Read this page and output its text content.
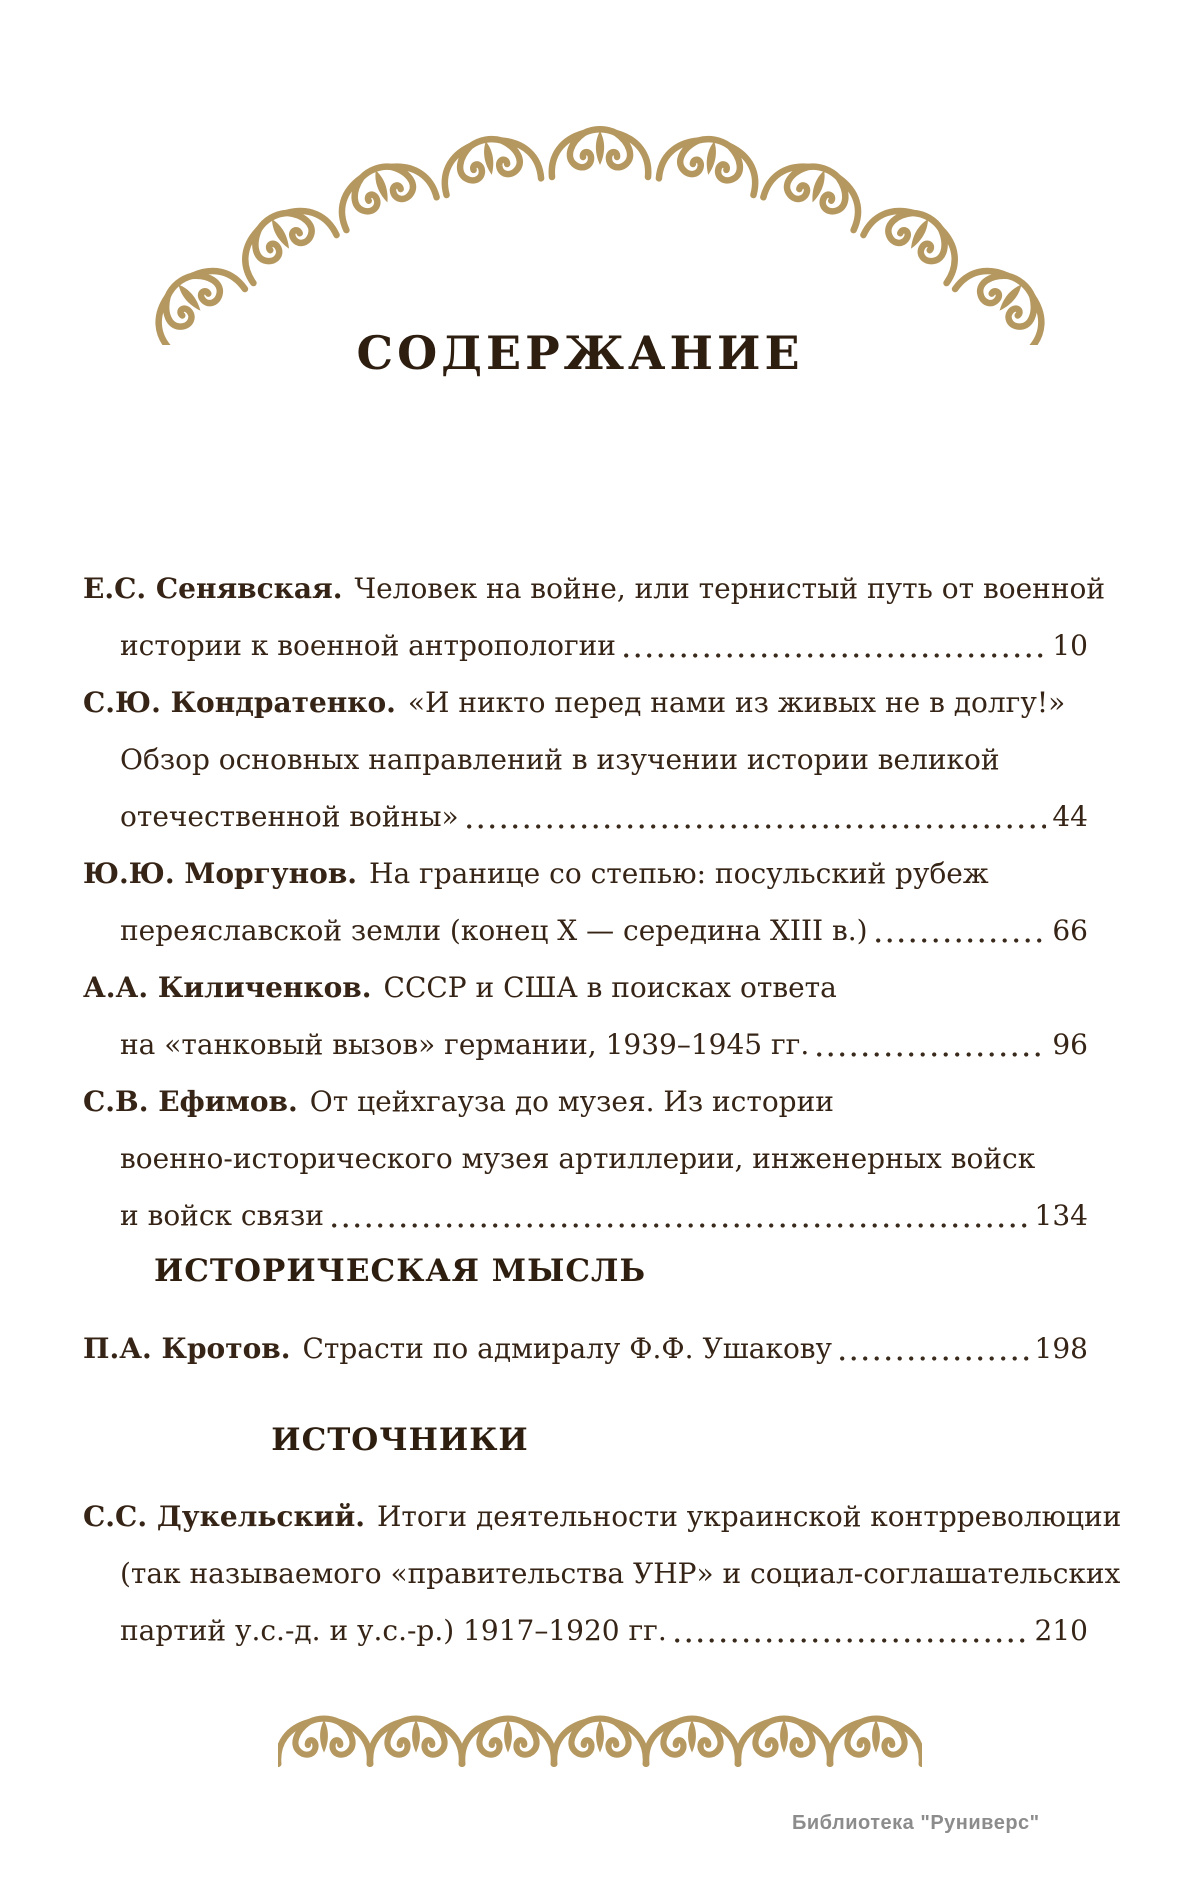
СОДЕРЖАНИЕ
Е.С. Сенявская. Человек на войне, или тернистый путь от военной
истории к военной антропологии	10
С.Ю. Кондратенко. «И никто перед нами из живых не в долгу!»
Обзор основных направлений в изучении истории великой
отечественной войны»	44
Ю.Ю. Моргунов. На границе со степью: посульский рубеж
переяславской земли (конец X — середина XIII в.)	66
А.А. Киличенков. СССР и США в поисках ответа
на «танковый вызов» германии, 1939–1945 гг.	96
С.В. Ефимов. От цейхгауза до музея. Из истории
военно-исторического музея артиллерии, инженерных войск
и войск связи	134
ИСТОРИЧЕСКАЯ МЫСЛЬ
П.А. Кротов. Страсти по адмиралу Ф.Ф. Ушакову	198
ИСТОЧНИКИ
С.С. Дукельский. Итоги деятельности украинской контрреволюции
(так называемого «правительства УНР» и социал-соглашательских
партий у.с.-д. и у.с.-р.) 1917–1920 гг.	210
Библиотека "Руниверс"
